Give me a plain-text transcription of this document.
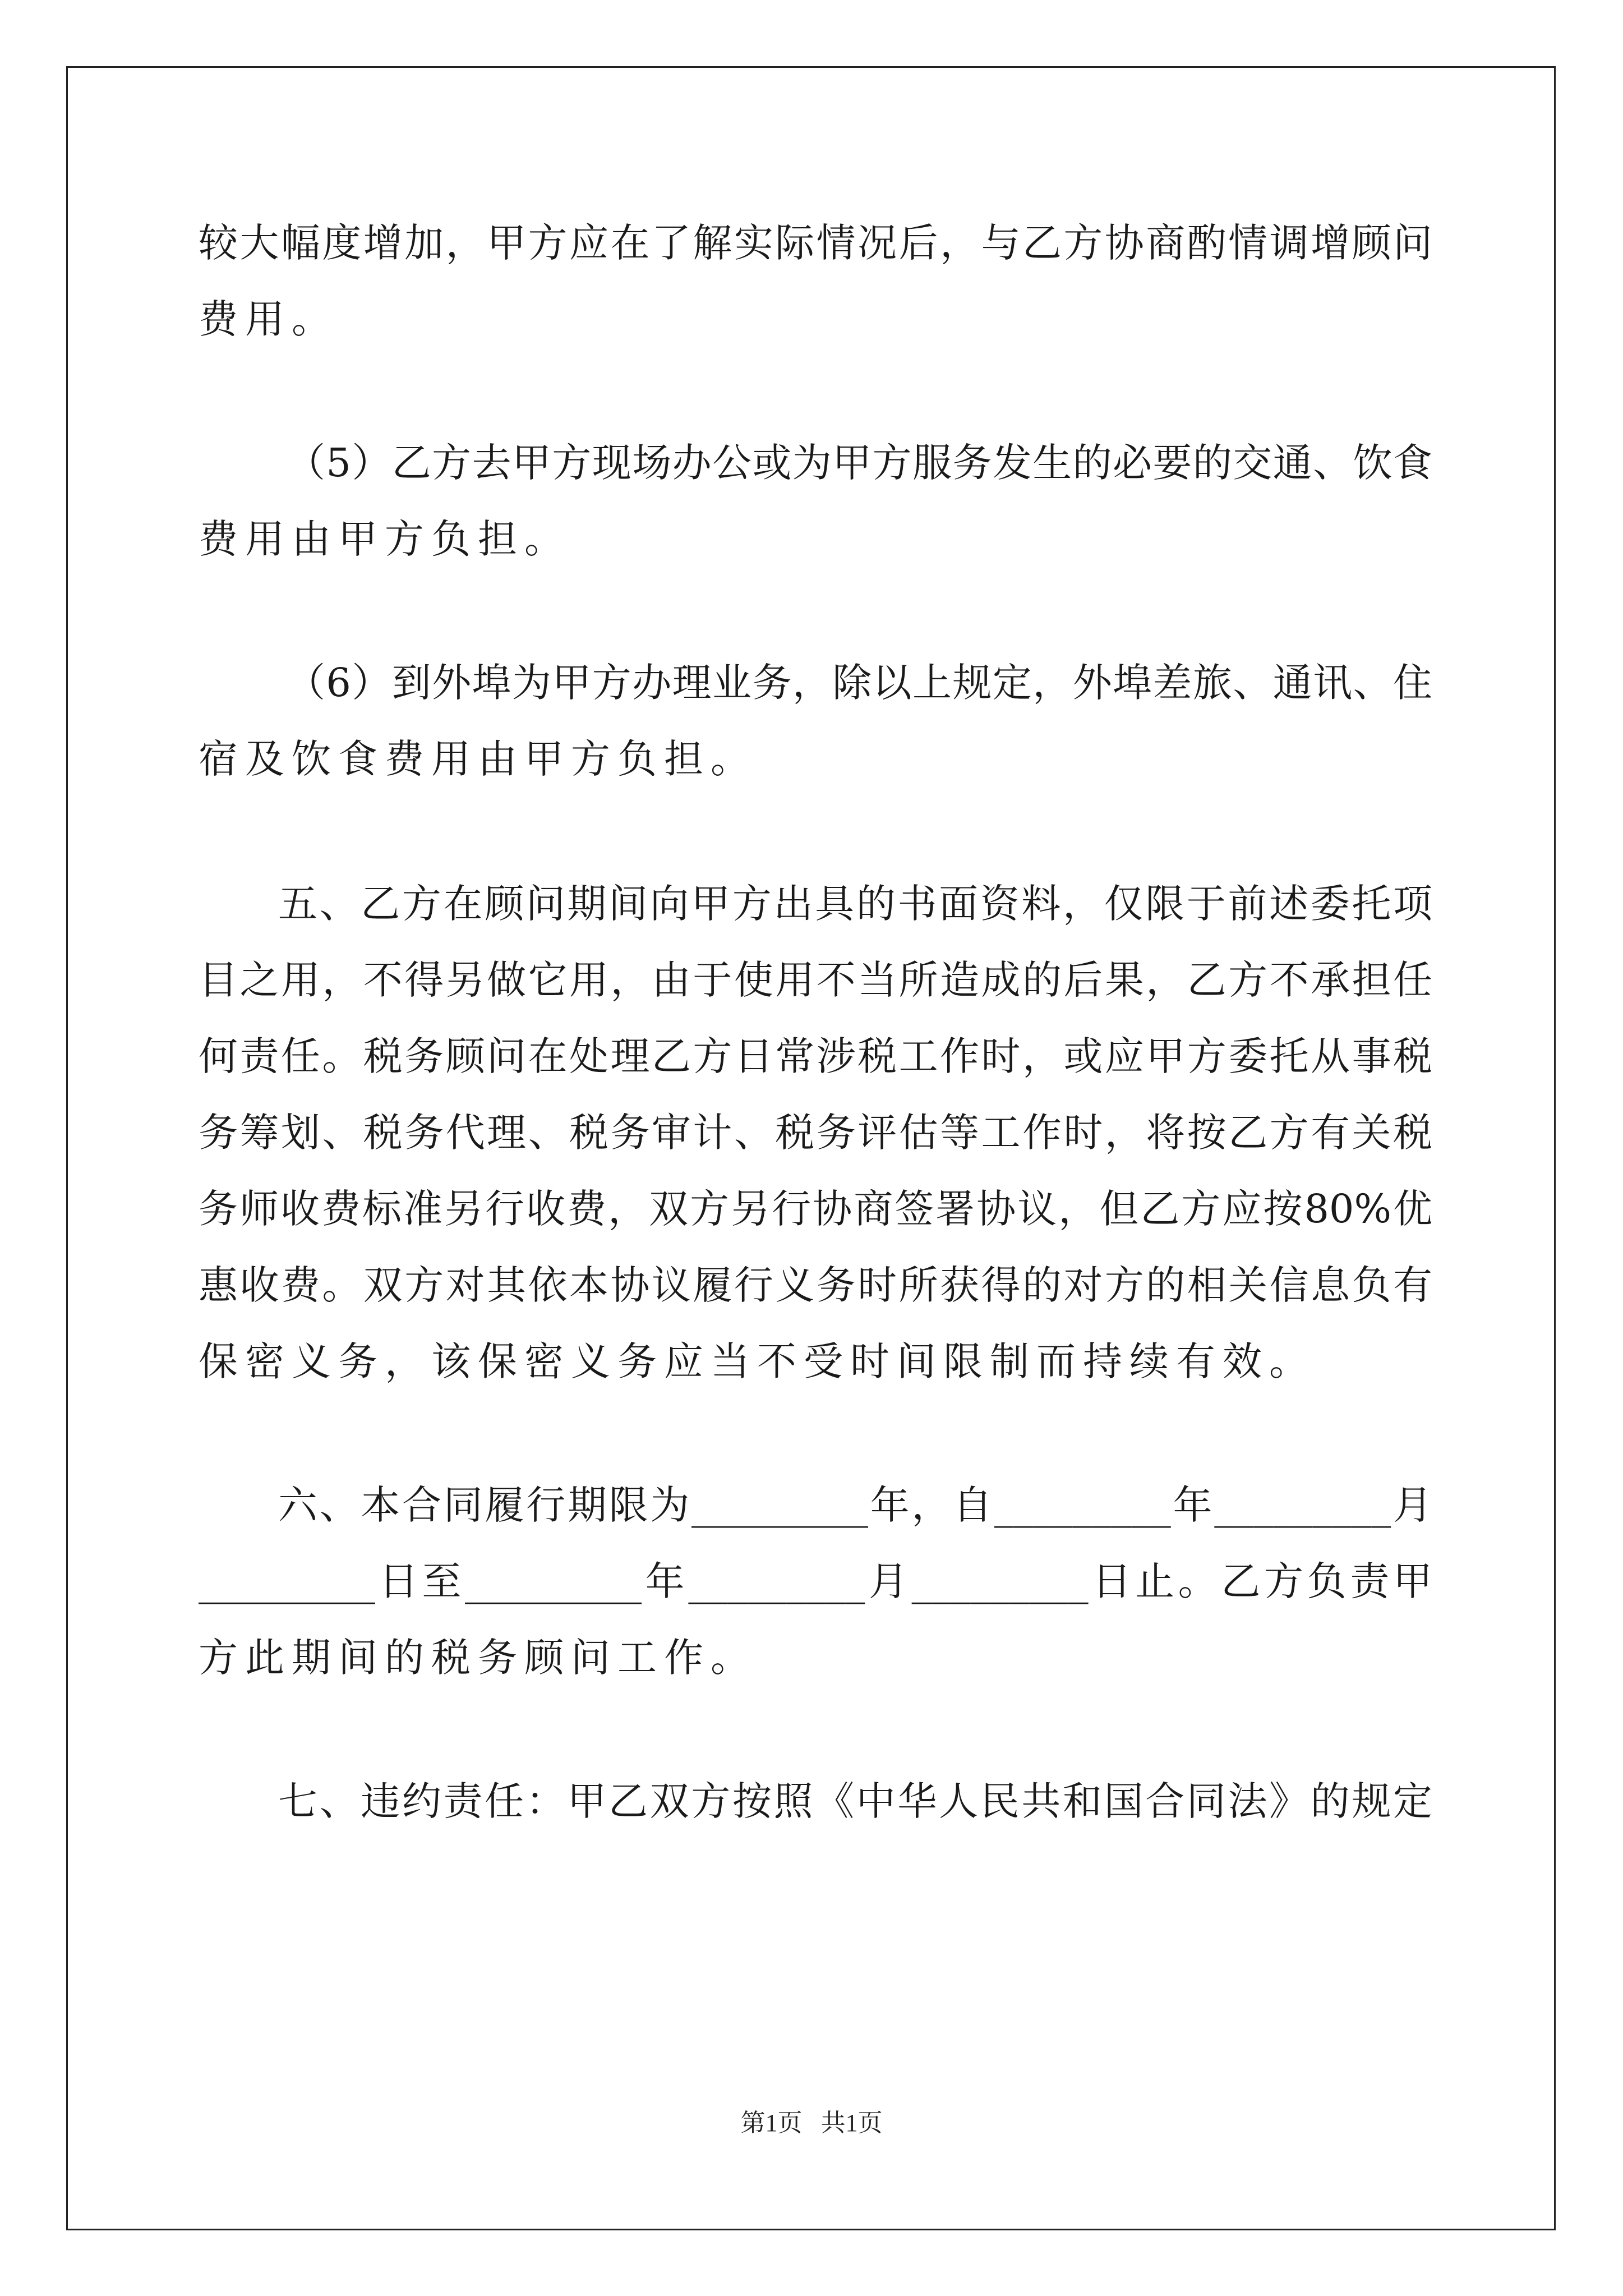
较大幅度增加，甲方应在了解实际情况后，与乙方协商酌情调增顾问
费用。
（5）乙方去甲方现场办公或为甲方服务发生的必要的交通、饮食
费用由甲方负担。
（6）到外埠为甲方办理业务，除以上规定，外埠差旅、通讯、住
宿及饮食费用由甲方负担。
五、乙方在顾问期间向甲方出具的书面资料，仅限于前述委托项
目之用，不得另做它用，由于使用不当所造成的后果，乙方不承担任
何责任。税务顾问在处理乙方日常涉税工作时，或应甲方委托从事税
务筹划、税务代理、税务审计、税务评估等工作时，将按乙方有关税
务师收费标准另行收费，双方另行协商签署协议，但乙方应按80%优
惠收费。双方对其依本协议履行义务时所获得的对方的相关信息负有
保密义务，该保密义务应当不受时间限制而持续有效。
六、本合同履行期限为_________年，自_________年_________月
_________日至_________年_________月_________日止。乙方负责甲
方此期间的税务顾问工作。
七、违约责任：甲乙双方按照《中华人民共和国合同法》的规定
第1页 共1页
